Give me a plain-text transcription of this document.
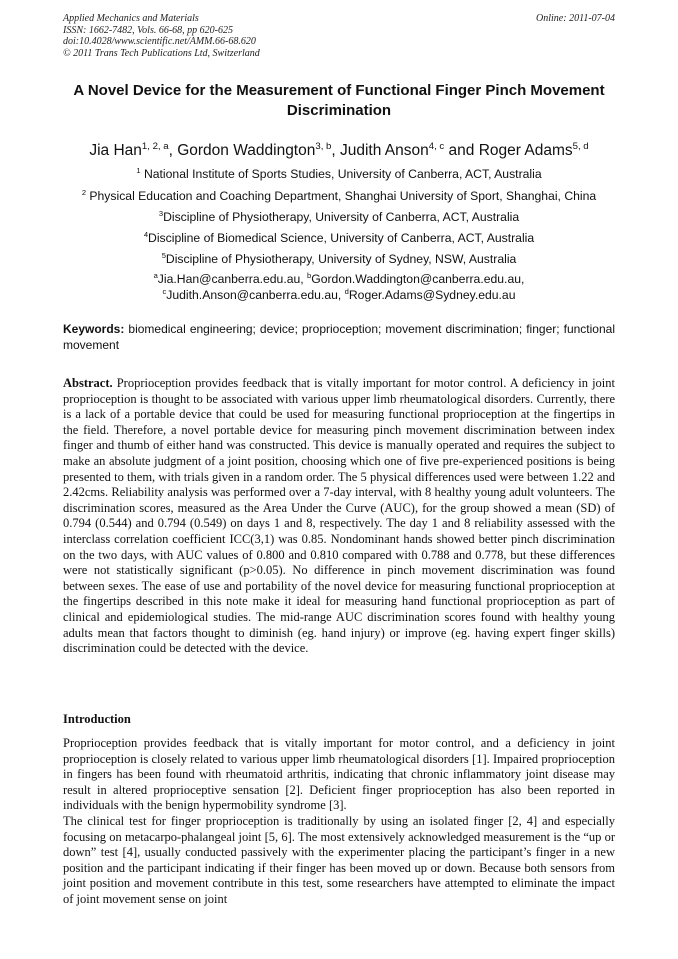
Applied Mechanics and Materials
ISSN: 1662-7482, Vols. 66-68, pp 620-625
doi:10.4028/www.scientific.net/AMM.66-68.620
© 2011 Trans Tech Publications Ltd, Switzerland
Online: 2011-07-04
A Novel Device for the Measurement of Functional Finger Pinch Movement Discrimination
Jia Han$^{1, 2, a}$, Gordon Waddington$^{3, b}$, Judith Anson$^{4, c}$ and Roger Adams$^{5, d}$
$^1$ National Institute of Sports Studies, University of Canberra, ACT, Australia
$^2$ Physical Education and Coaching Department, Shanghai University of Sport, Shanghai, China
$^3$Discipline of Physiotherapy, University of Canberra, ACT, Australia
$^4$Discipline of Biomedical Science, University of Canberra, ACT, Australia
$^5$Discipline of Physiotherapy, University of Sydney, NSW, Australia
$^a$Jia.Han@canberra.edu.au, $^b$Gordon.Waddington@canberra.edu.au,
$^c$Judith.Anson@canberra.edu.au, $^d$Roger.Adams@Sydney.edu.au
Keywords: biomedical engineering; device; proprioception; movement discrimination; finger; functional movement

Abstract. Proprioception provides feedback that is vitally important for motor control. A deficiency in joint proprioception is thought to be associated with various upper limb rheumatological disorders. Currently, there is a lack of a portable device that could be used for measuring functional proprioception at the fingertips in the field. Therefore, a novel portable device for measuring pinch movement discrimination between index finger and thumb of either hand was constructed. This device is manually operated and requires the subject to make an absolute judgment of a joint position, choosing which one of five pre-experienced positions is being presented to them, with trials given in a random order. The 5 physical differences used were between 1.22 and 2.42cms. Reliability analysis was performed over a 7-day interval, with 8 healthy young adult volunteers. The discrimination scores, measured as the Area Under the Curve (AUC), for the group showed a mean (SD) of 0.794 (0.544) and 0.794 (0.549) on days 1 and 8, respectively. The day 1 and 8 reliability assessed with the interclass correlation coefficient ICC(3,1) was 0.85. Nondominant hands showed better pinch discrimination on the two days, with AUC values of 0.800 and 0.810 compared with 0.788 and 0.778, but these differences were not statistically significant (p>0.05). No difference in pinch movement discrimination was found between sexes. The ease of use and portability of the novel device for measuring functional proprioception at the fingertips described in this note make it ideal for measuring hand functional proprioception as part of clinical and epidemiological studies. The mid-range AUC discrimination scores found with healthy young adults mean that factors thought to diminish (eg. hand injury) or improve (eg. having expert finger skills) discrimination could be detected with the device.

Introduction

Proprioception provides feedback that is vitally important for motor control, and a deficiency in joint proprioception is closely related to various upper limb rheumatological disorders [1]. Impaired proprioception in fingers has been found with rheumatoid arthritis, indicating that chronic inflammatory joint disease may result in altered proprioceptive sensation [2]. Deficient finger proprioception has also been reported in individuals with the benign hypermobility syndrome [3].

The clinical test for finger proprioception is traditionally by using an isolated finger [2, 4] and especially focusing on metacarpo-phalangeal joint [5, 6]. The most extensively acknowledged measurement is the “up or down” test [4], usually conducted passively with the experimenter placing the participant’s finger in a new position and the participant indicating if their finger has been moved up or down. Because both sensors from joint position and movement contribute in this test, some researchers have attempted to eliminate the impact of joint movement sense on joint
